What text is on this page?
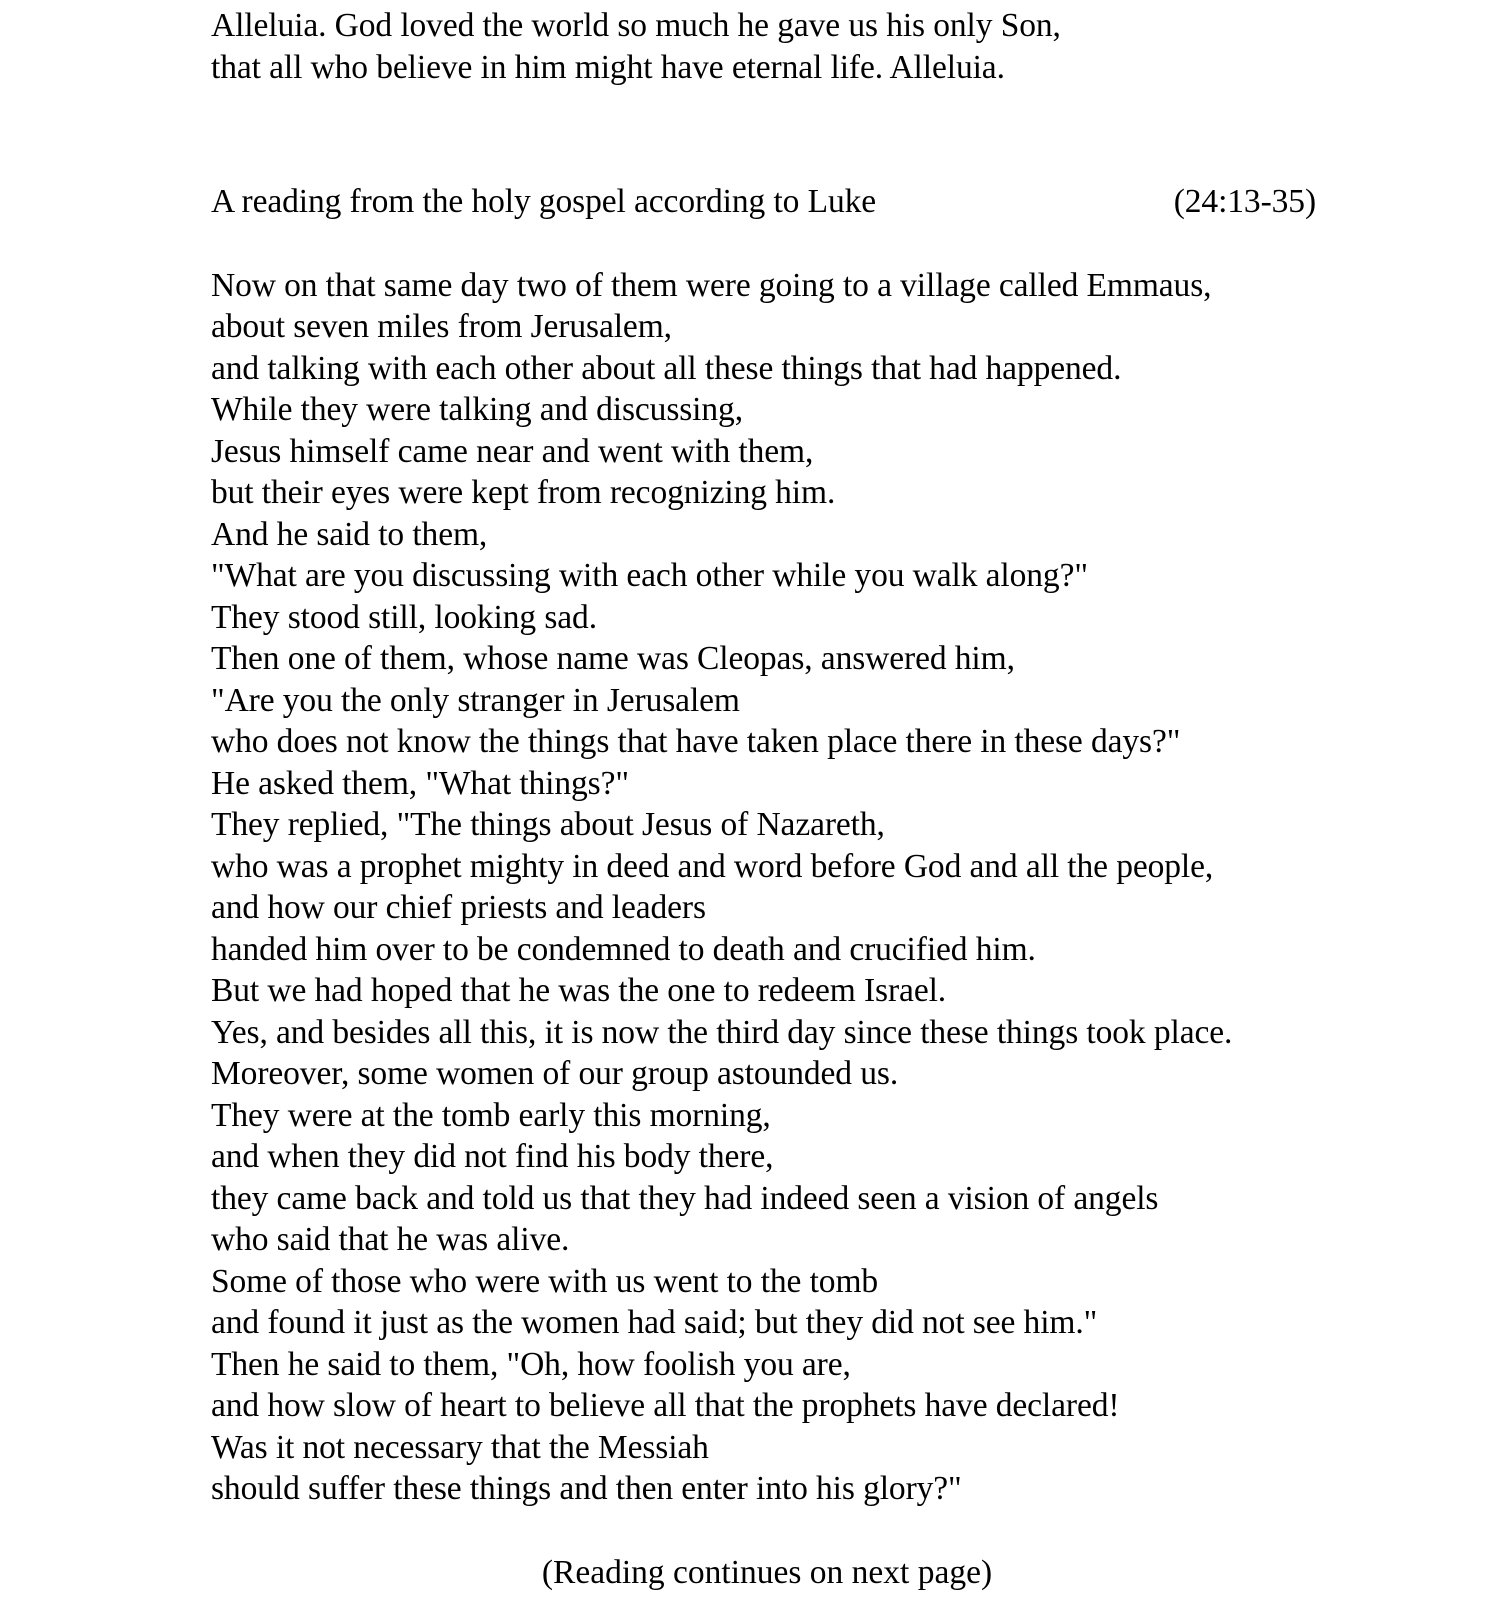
Alleluia. God loved the world so much he gave us his only Son,
that all who believe in him might have eternal life. Alleluia.
A reading from the holy gospel according to Luke	(24:13-35)
Now on that same day two of them were going to a village called Emmaus,
about seven miles from Jerusalem,
and talking with each other about all these things that had happened.
While they were talking and discussing,
Jesus himself came near and went with them,
but their eyes were kept from recognizing him.
And he said to them,
"What are you discussing with each other while you walk along?"
They stood still, looking sad.
Then one of them, whose name was Cleopas, answered him,
"Are you the only stranger in Jerusalem
who does not know the things that have taken place there in these days?"
He asked them, "What things?"
They replied, "The things about Jesus of Nazareth,
who was a prophet mighty in deed and word before God and all the people,
and how our chief priests and leaders
handed him over to be condemned to death and crucified him.
But we had hoped that he was the one to redeem Israel.
Yes, and besides all this, it is now the third day since these things took place.
Moreover, some women of our group astounded us.
They were at the tomb early this morning,
and when they did not find his body there,
they came back and told us that they had indeed seen a vision of angels
who said that he was alive.
Some of those who were with us went to the tomb
and found it just as the women had said; but they did not see him."
Then he said to them, "Oh, how foolish you are,
and how slow of heart to believe all that the prophets have declared!
Was it not necessary that the Messiah
should suffer these things and then enter into his glory?"
(Reading continues on next page)
